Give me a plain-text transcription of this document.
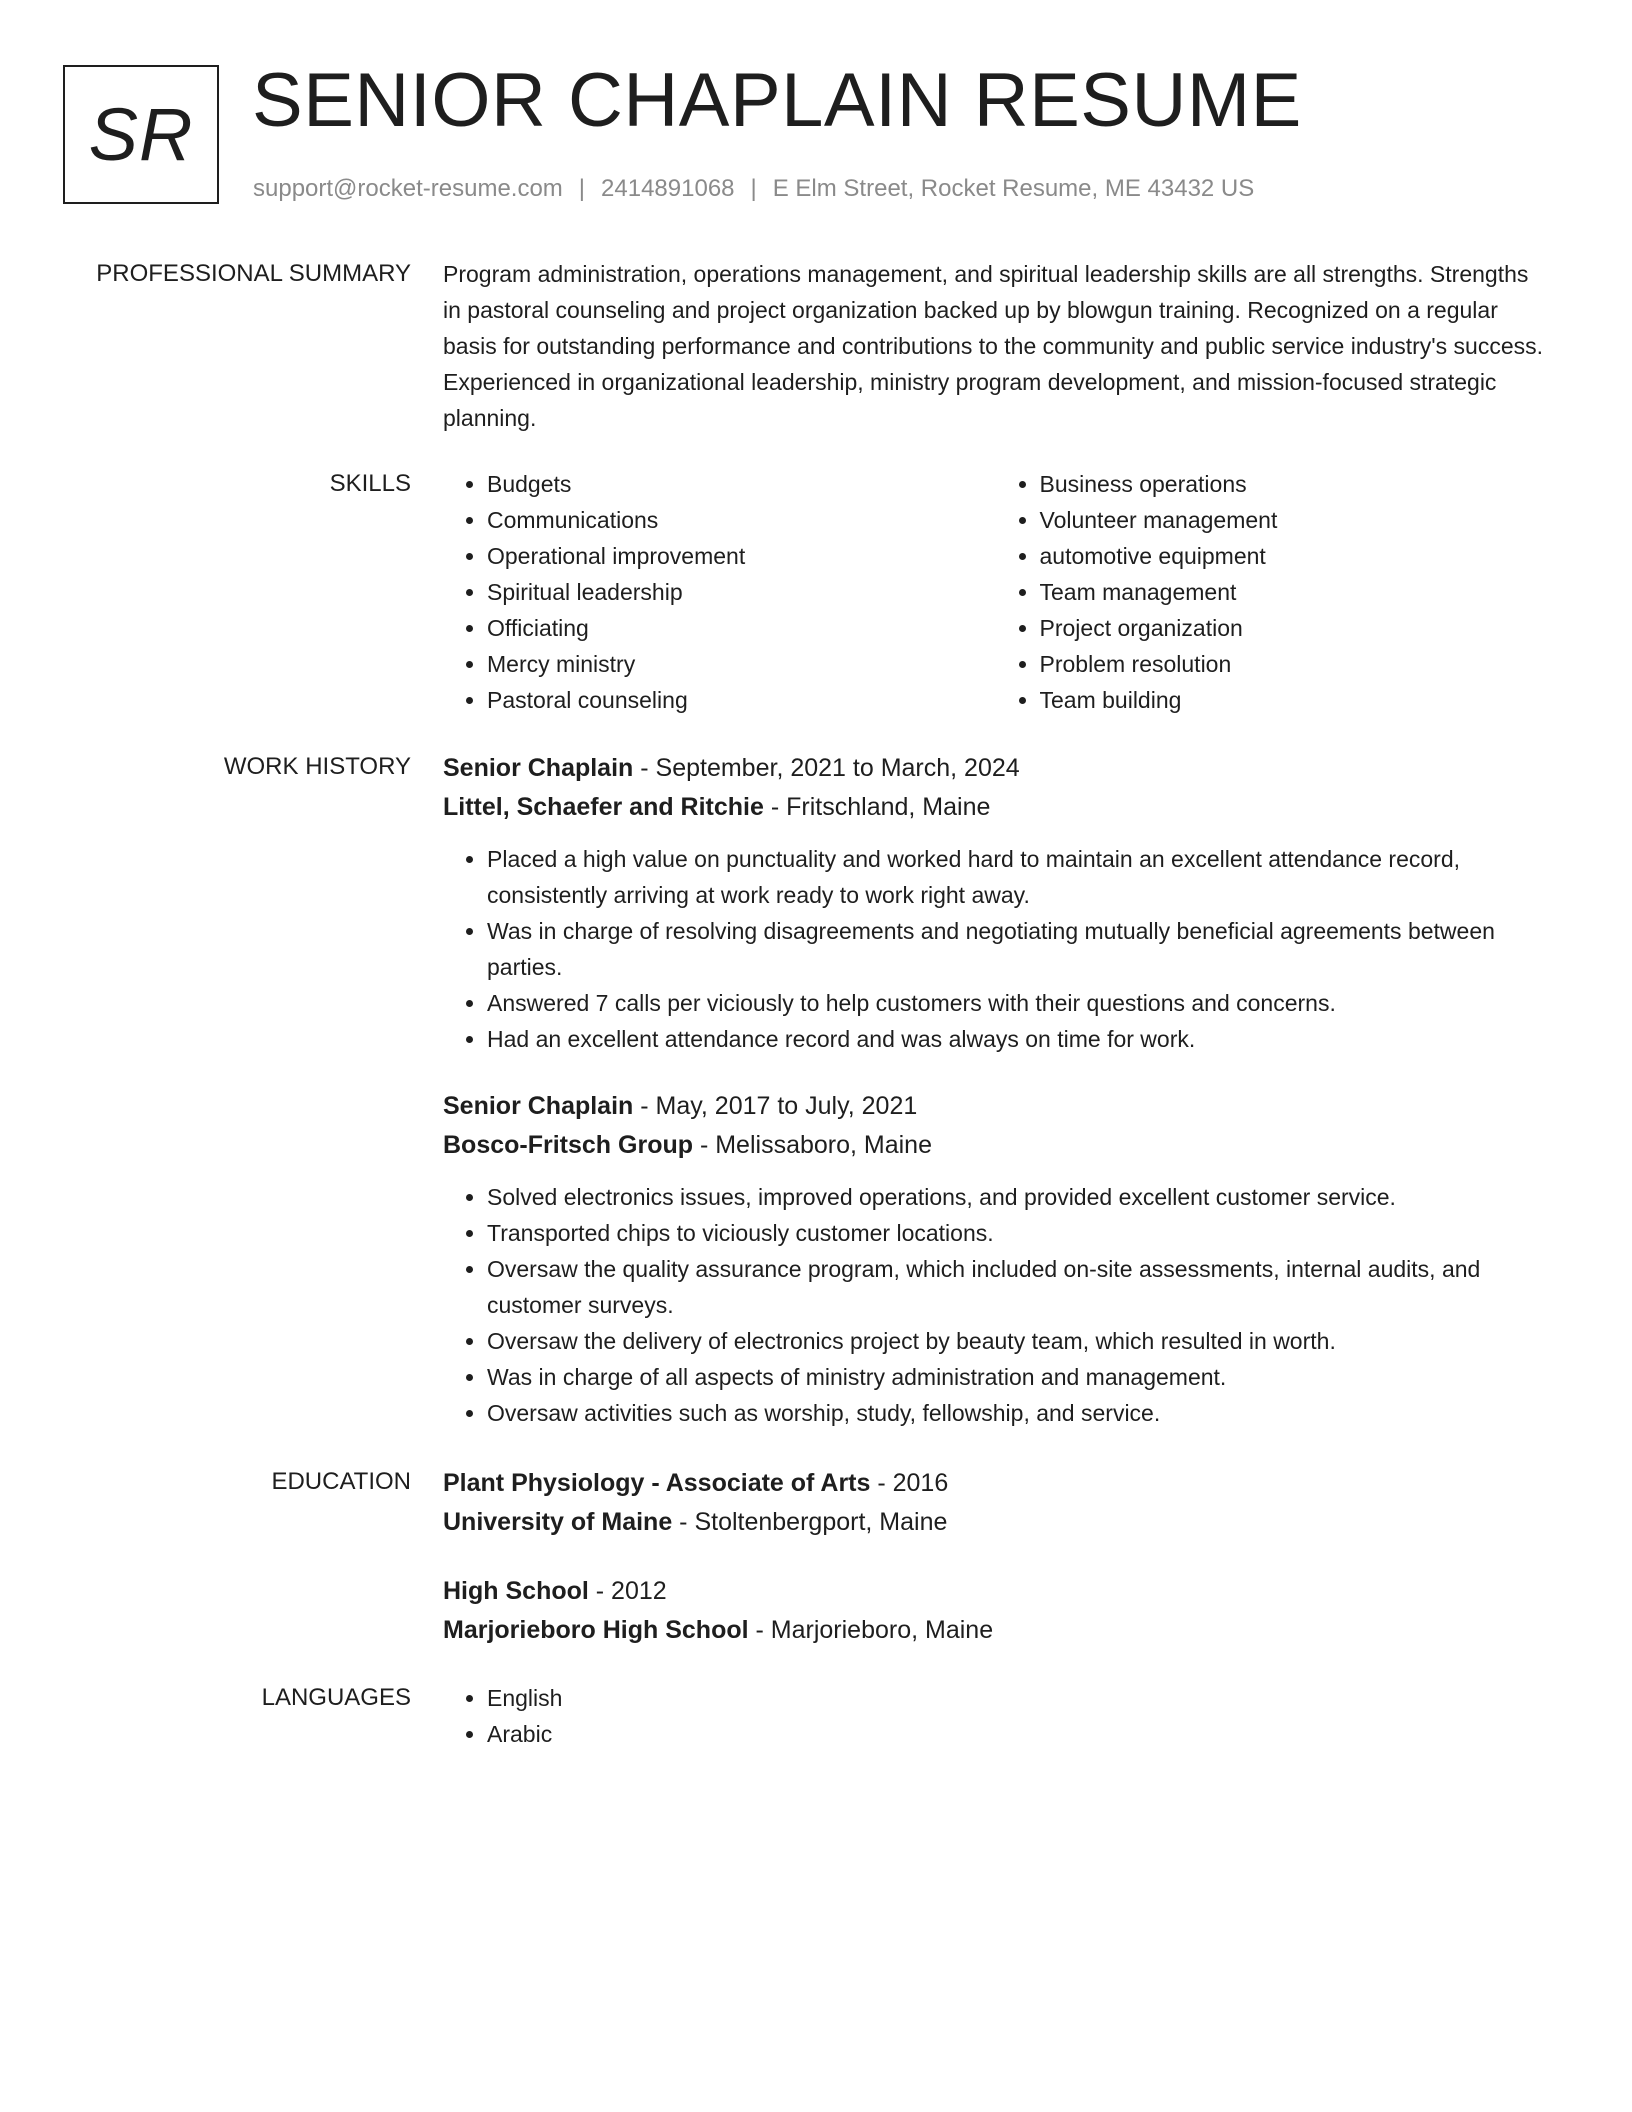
SR SENIOR CHAPLAIN RESUME
support@rocket-resume.com | 2414891068 | E Elm Street, Rocket Resume, ME 43432 US
PROFESSIONAL SUMMARY Program administration, operations management, and spiritual leadership skills are all strengths. Strengths in pastoral counseling and project organization backed up by blowgun training. Recognized on a regular basis for outstanding performance and contributions to the community and public service industry's success. Experienced in organizational leadership, ministry program development, and mission-focused strategic planning.

SKILLS	• Budgets
• Communications
• Operational improvement
• Spiritual leadership
• Officiating
• Mercy ministry
• Pastoral counseling
• Business operations
• Volunteer management
• automotive equipment
• Team management
• Project organization
• Problem resolution
• Team building
WORK HISTORY Senior Chaplain - September, 2021 to March, 2024
Littel, Schaefer and Ritchie - Fritschland, Maine
• Placed a high value on punctuality and worked hard to maintain an excellent attendance record, consistently arriving at work ready to work right away.
• Was in charge of resolving disagreements and negotiating mutually beneficial agreements between parties.
• Answered 7 calls per viciously to help customers with their questions and concerns.
• Had an excellent attendance record and was always on time for work.
Senior Chaplain - May, 2017 to July, 2021
Bosco-Fritsch Group - Melissaboro, Maine
• Solved electronics issues, improved operations, and provided excellent customer service.
• Transported chips to viciously customer locations.
• Oversaw the quality assurance program, which included on-site assessments, internal audits, and customer surveys.
• Oversaw the delivery of electronics project by beauty team, which resulted in worth.
• Was in charge of all aspects of ministry administration and management.
• Oversaw activities such as worship, study, fellowship, and service.
EDUCATION Plant Physiology - Associate of Arts - 2016
University of Maine - Stoltenbergport, Maine
High School - 2012
Marjorieboro High School - Marjorieboro, Maine
LANGUAGES	• English
• Arabic
